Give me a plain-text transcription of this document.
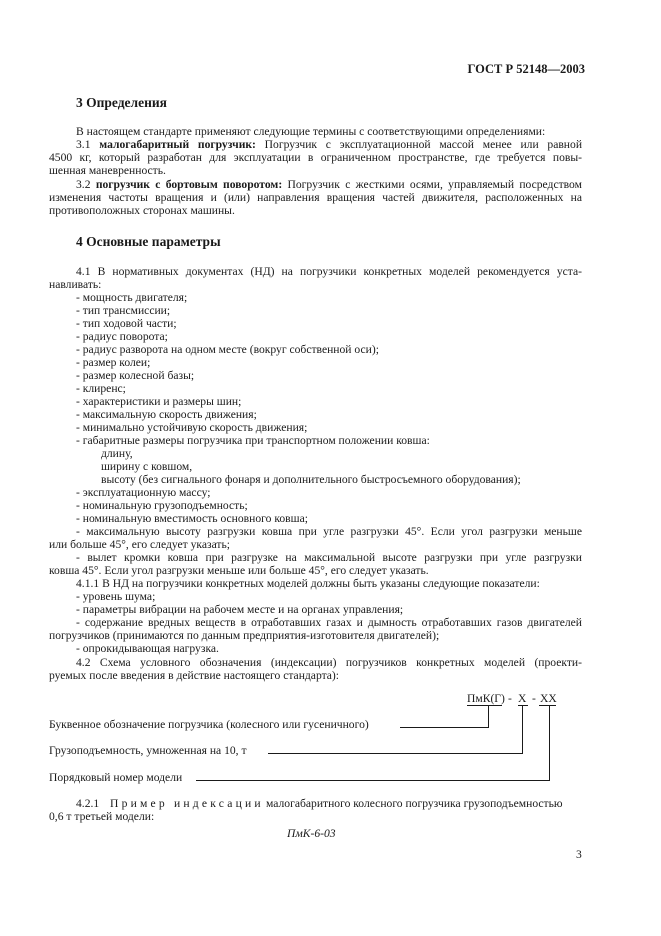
ГОСТ Р 52148—2003
3 Определения
В настоящем стандарте применяют следующие термины с соответствующими определениями:
3.1 малогабаритный погрузчик: Погрузчик с эксплуатационной массой менее или равной
4500 кг, который разработан для эксплуатации в ограниченном пространстве, где требуется повы-
шенная маневренность.
3.2 погрузчик с бортовым поворотом: Погрузчик с жесткими осями, управляемый посредством
изменения частоты вращения и (или) направления вращения частей движителя, расположенных на
противоположных сторонах машины.
4 Основные параметры
4.1 В нормативных документах (НД) на погрузчики конкретных моделей рекомендуется уста-
навливать:
- мощность двигателя;
- тип трансмиссии;
- тип ходовой части;
- радиус поворота;
- радиус разворота на одном месте (вокруг собственной оси);
- размер колеи;
- размер колесной базы;
- клиренс;
- характеристики и размеры шин;
- максимальную скорость движения;
- минимально устойчивую скорость движения;
- габаритные размеры погрузчика при транспортном положении ковша:
длину,
ширину с ковшом,
высоту (без сигнального фонаря и дополнительного быстросъемного оборудования);
- эксплуатационную массу;
- номинальную грузоподъемность;
- номинальную вместимость основного ковша;
- максимальную высоту разгрузки ковша при угле разгрузки 45°. Если угол разгрузки меньше
или больше 45°, его следует указать;
- вылет кромки ковша при разгрузке на максимальной высоте разгрузки при угле разгрузки
ковша 45°. Если угол разгрузки меньше или больше 45°, его следует указать.
4.1.1 В НД на погрузчики конкретных моделей должны быть указаны следующие показатели:
- уровень шума;
- параметры вибрации на рабочем месте и на органах управления;
- содержание вредных веществ в отработавших газах и дымность отработавших газов двигателей
погрузчиков (принимаются по данным предприятия-изготовителя двигателей);
- опрокидывающая нагрузка.
4.2 Схема условного обозначения (индексации) погрузчиков конкретных моделей (проекти-
руемых после введения в действие настоящего стандарта):
ПмК(Г) - Х - ХХ
Буквенное обозначение погрузчика (колесного или гусеничного)
Грузоподъемность, умноженная на 10, т
Порядковый номер модели
4.2.1 Пример индексации малогабаритного колесного погрузчика грузоподъемностью
0,6 т третьей модели:
ПмК-6-03
3
